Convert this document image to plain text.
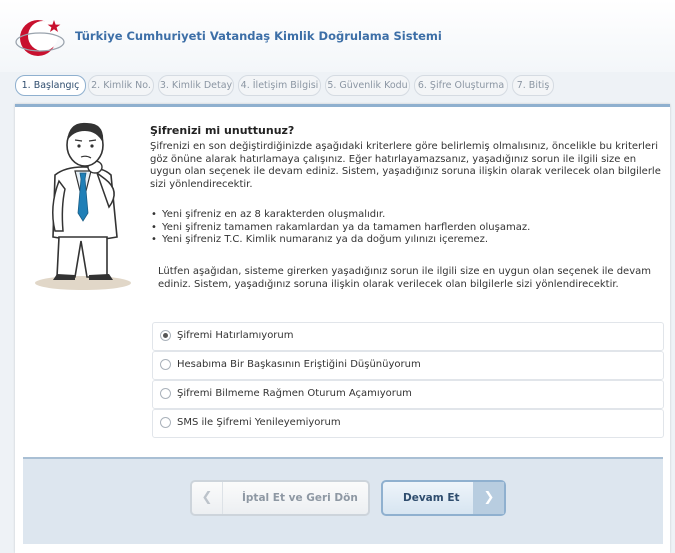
Türkiye Cumhuriyeti Vatandaş Kimlik Doğrulama Sistemi
1. Başlangıç	2. Kimlik No. 3. Kimlik Detay 4. İletişim Bilgisi 5. Güvenlik Kodu	6. Şifre Oluşturma	7. Bitiş
Şifrenizi mi unuttunuz?
Şifrenizi en son değiştirdiğinizde aşağıdaki kriterlere göre belirlemiş olmalısınız, öncelikle bu kriterleri göz önüne alarak hatırlamaya çalışınız. Eğer hatırlayamazsanız, yaşadığınız sorun ile ilgili size en uygun olan seçenek ile devam ediniz. Sistem, yaşadığınız soruna ilişkin olarak verilecek olan bilgilerle sizi yönlendirecektir.
• Yeni şifreniz en az 8 karakterden oluşmalıdır.
• Yeni şifreniz tamamen rakamlardan ya da tamamen harflerden oluşamaz.
• Yeni şifreniz T.C. Kimlik numaranız ya da doğum yılınızı içeremez.
Lütfen aşağıdan, sisteme girerken yaşadığınız sorun ile ilgili size en uygun olan seçenek ile devam ediniz. Sistem, yaşadığınız soruna ilişkin olarak verilecek olan bilgilerle sizi yönlendirecektir.
Şifremi Hatırlamıyorum
Hesabıma Bir Başkasının Eriştiğini Düşünüyorum
Şifremi Bilmeme Rağmen Oturum Açamıyorum
SMS ile Şifremi Yenileyemiyorum
❮	İptal Et ve Geri Dön	Devam Et	❯
